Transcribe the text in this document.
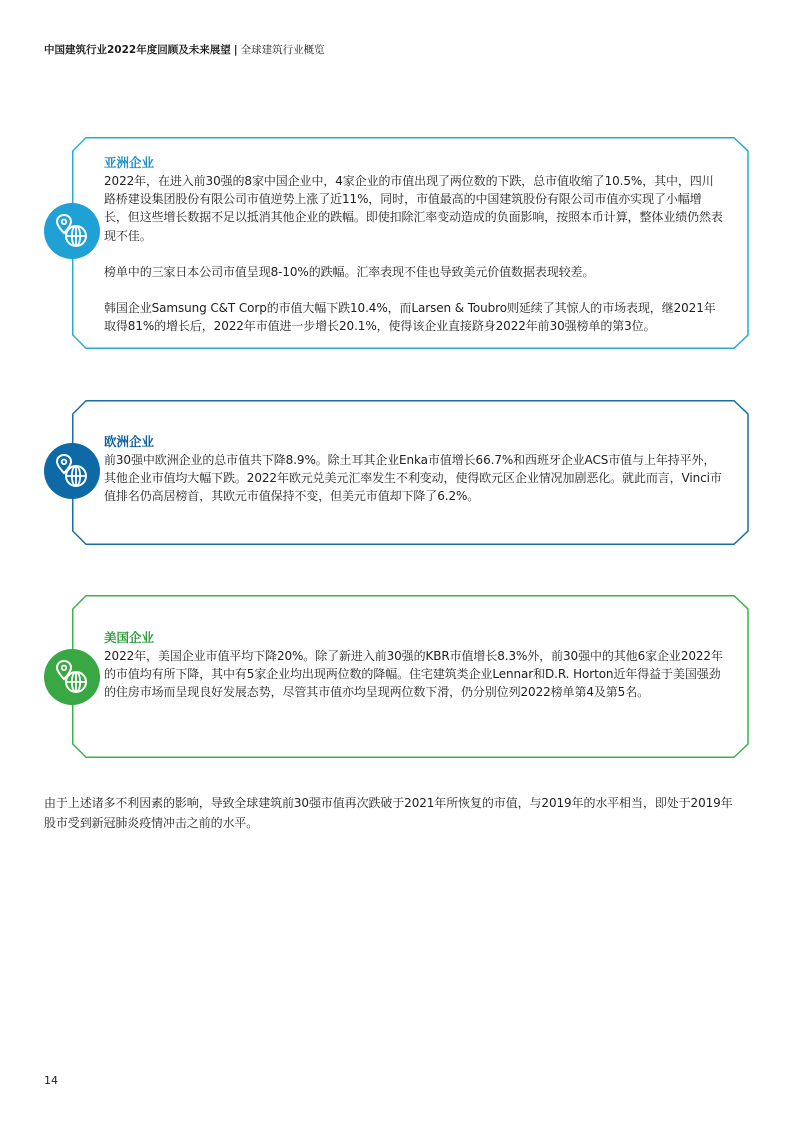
中国建筑行业2022年度回顾及未来展望 | 全球建筑行业概览
亚洲企业

2022年，在进入前30强的8家中国企业中，4家企业的市值出现了两位数的下跌，总市值收缩了10.5%，其中，四川路桥建设集团股份有限公司市值逆势上涨了近11%，同时，市值最高的中国建筑股份有限公司市值亦实现了小幅增长，但这些增长数据不足以抵消其他企业的跌幅。即使扣除汇率变动造成的负面影响，按照本币计算，整体业绩仍然表现不佳。

榜单中的三家日本公司市值呈现8-10%的跌幅。汇率表现不佳也导致美元价值数据表现较差。

韩国企业Samsung C&T Corp的市值大幅下跌10.4%，而Larsen & Toubro则延续了其惊人的市场表现，继2021年取得81%的增长后，2022年市值进一步增长20.1%，使得该企业直接跻身2022年前30强榜单的第3位。

欧洲企业

前30强中欧洲企业的总市值共下降8.9%。除土耳其企业Enka市值增长66.7%和西班牙企业ACS市值与上年持平外，其他企业市值均大幅下跌。2022年欧元兑美元汇率发生不利变动，使得欧元区企业情况加剧恶化。就此而言，Vinci市值排名仍高居榜首，其欧元市值保持不变，但美元市值却下降了6.2%。

美国企业

2022年，美国企业市值平均下降20%。除了新进入前30强的KBR市值增长8.3%外，前30强中的其他6家企业2022年的市值均有所下降，其中有5家企业均出现两位数的降幅。住宅建筑类企业Lennar和D.R. Horton近年得益于美国强劲的住房市场而呈现良好发展态势，尽管其市值亦均呈现两位数下滑，仍分别位列2022榜单第4及第5名。

由于上述诸多不利因素的影响，导致全球建筑前30强市值再次跌破于2021年所恢复的市值，与2019年的水平相当，即处于2019年股市受到新冠肺炎疫情冲击之前的水平。
14
